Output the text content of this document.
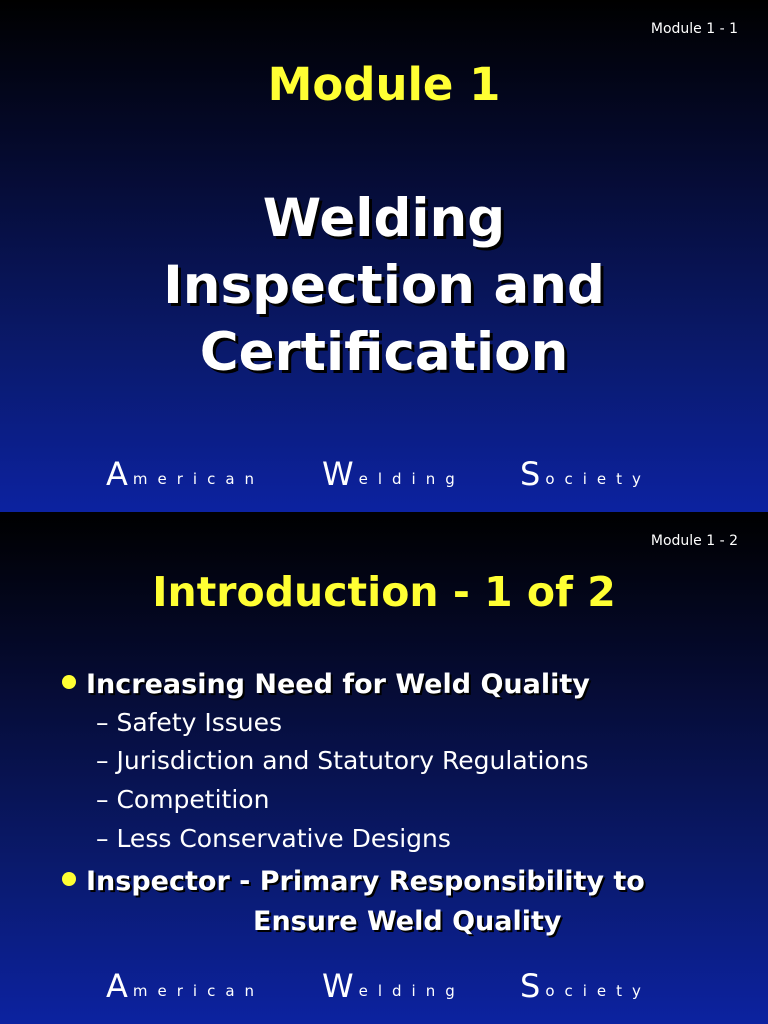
Module 1 - 1
Module 1
Welding
Inspection and
Certification
American Welding Society
Module 1 - 2
Introduction - 1 of 2
Increasing Need for Weld Quality
– Safety Issues
– Jurisdiction and Statutory Regulations
– Competition
– Less Conservative Designs
Inspector - Primary Responsibility to
Ensure Weld Quality
American Welding Society
